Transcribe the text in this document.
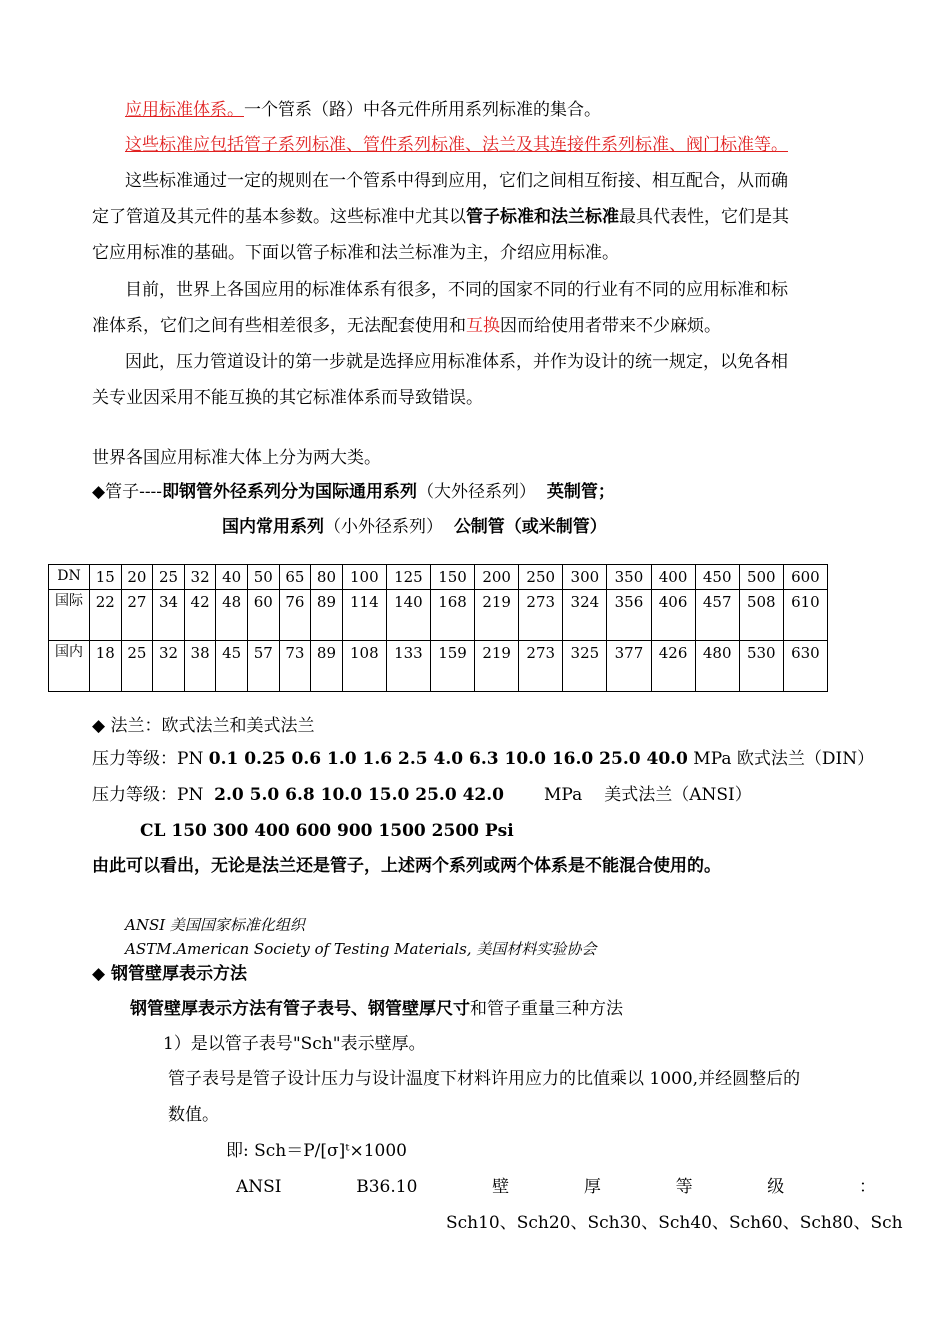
应用标准体系。一个管系（路）中各元件所用系列标准的集合。
这些标准应包括管子系列标准、管件系列标准、法兰及其连接件系列标准、阀门标准等。
这些标准通过一定的规则在一个管系中得到应用，它们之间相互衔接、相互配合，从而确
定了管道及其元件的基本参数。这些标准中尤其以管子标准和法兰标准最具代表性，它们是其
它应用标准的基础。下面以管子标准和法兰标准为主，介绍应用标准。
目前，世界上各国应用的标准体系有很多，不同的国家不同的行业有不同的应用标准和标
准体系，它们之间有些相差很多，无法配套使用和互换因而给使用者带来不少麻烦。
因此，压力管道设计的第一步就是选择应用标准体系，并作为设计的统一规定，以免各相
关专业因采用不能互换的其它标准体系而导致错误。
世界各国应用标准大体上分为两大类。
◆管子----即钢管外径系列分为国际通用系列（大外径系列） 英制管；
国内常用系列（小外径系列） 公制管（或米制管）
DN	15	20	25	32	40	50	65	80	100	125	150	200	250	300	350	400	450	500	600
国际	22	27	34	42	48	60	76	89	114	140	168	219	273	324	356	406	457	508	610
国内	18	25	32	38	45	57	73	89	108	133	159	219	273	325	377	426	480	530	630
◆ 法兰：欧式法兰和美式法兰
压力等级：PN 0.1 0.25 0.6 1.0 1.6 2.5 4.0 6.3 10.0 16.0 25.0 40.0 MPa 欧式法兰（DIN）
压力等级：PN 2.0 5.0 6.8 10.0 15.0 25.0 42.0 MPa 美式法兰（ANSI）
CL 150 300 400 600 900 1500 2500 Psi
由此可以看出，无论是法兰还是管子，上述两个系列或两个体系是不能混合使用的。
ANSI 美国国家标准化组织
ASTM.American Society of Testing Materials, 美国材料实验协会
◆ 钢管壁厚表示方法
钢管壁厚表示方法有管子表号、钢管壁厚尺寸和管子重量三种方法
1）是以管子表号"Sch"表示壁厚。
管子表号是管子设计压力与设计温度下材料许用应力的比值乘以 1000,并经圆整后的
数值。
即: Sch＝P/[σ]ᵗ×1000
ANSI	B36.10	壁	厚	等	级	：
Sch10、Sch20、Sch30、Sch40、Sch60、Sch80、Sch
